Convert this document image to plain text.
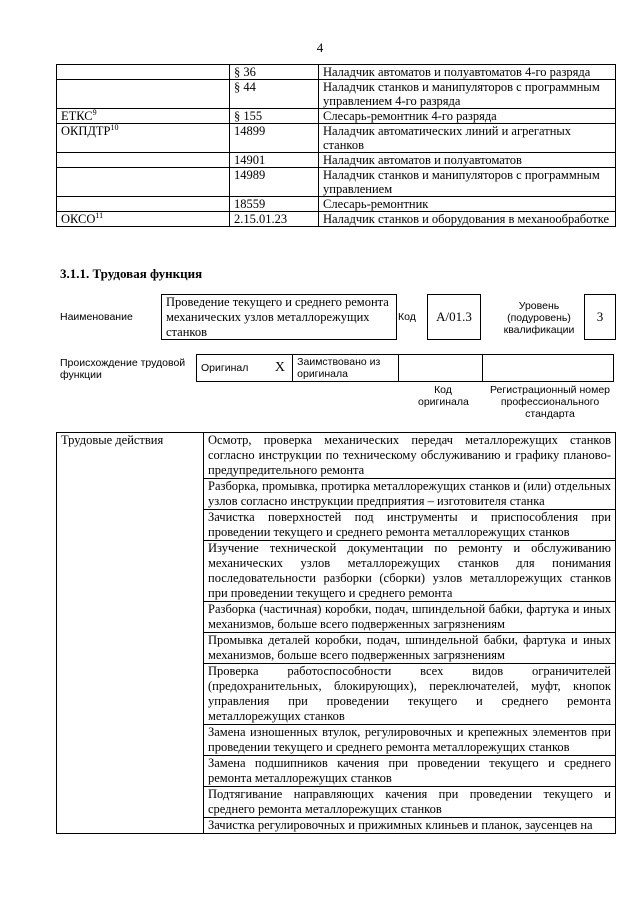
4
	§ 36	Наладчик автоматов и полуавтоматов 4-го разряда
	§ 44	Наладчик станков и манипуляторов с программным управлением 4-го разряда
ЕТКС$^9$	§ 155	Слесарь-ремонтник 4-го разряда
ОКПДТР$^{10}$	14899	Наладчик автоматических линий и агрегатных станков
	14901	Наладчик автоматов и полуавтоматов
	14989	Наладчик станков и манипуляторов с программным управлением
	18559	Слесарь-ремонтник
ОКСО$^{11}$	2.15.01.23	Наладчик станков и оборудования в механообработке
3.1.1. Трудовая функция
Наименование
Проведение текущего и среднего ремонта механических узлов металлорежущих станков
Код	А/01.3
Уровень (подуровень) квалификации
3
Происхождение трудовой функции
Оригинал	X	Заимствовано из оригинала		
Код оригинала
Регистрационный номер профессионального стандарта
Трудовые действия	Осмотр, проверка механических передач металлорежущих станков согласно инструкции по техническому обслуживанию и графику планово-предупредительного ремонта
Разборка, промывка, протирка металлорежущих станков и (или) отдельных узлов согласно инструкции предприятия – изготовителя станка
Зачистка поверхностей под инструменты и приспособления при проведении текущего и среднего ремонта металлорежущих станков
Изучение технической документации по ремонту и обслуживанию механических узлов металлорежущих станков для понимания последовательности разборки (сборки) узлов металлорежущих станков при проведении текущего и среднего ремонта
Разборка (частичная) коробки, подач, шпиндельной бабки, фартука и иных механизмов, больше всего подверженных загрязнениям
Промывка деталей коробки, подач, шпиндельной бабки, фартука и иных механизмов, больше всего подверженных загрязнениям
Проверка работоспособности всех видов ограничителей (предохранительных, блокирующих), переключателей, муфт, кнопок управления при проведении текущего и среднего ремонта металлорежущих станков
Замена изношенных втулок, регулировочных и крепежных элементов при проведении текущего и среднего ремонта металлорежущих станков
Замена подшипников качения при проведении текущего и среднего ремонта металлорежущих станков
Подтягивание направляющих качения при проведении текущего и среднего ремонта металлорежущих станков
Зачистка регулировочных и прижимных клиньев и планок, заусенцев на
